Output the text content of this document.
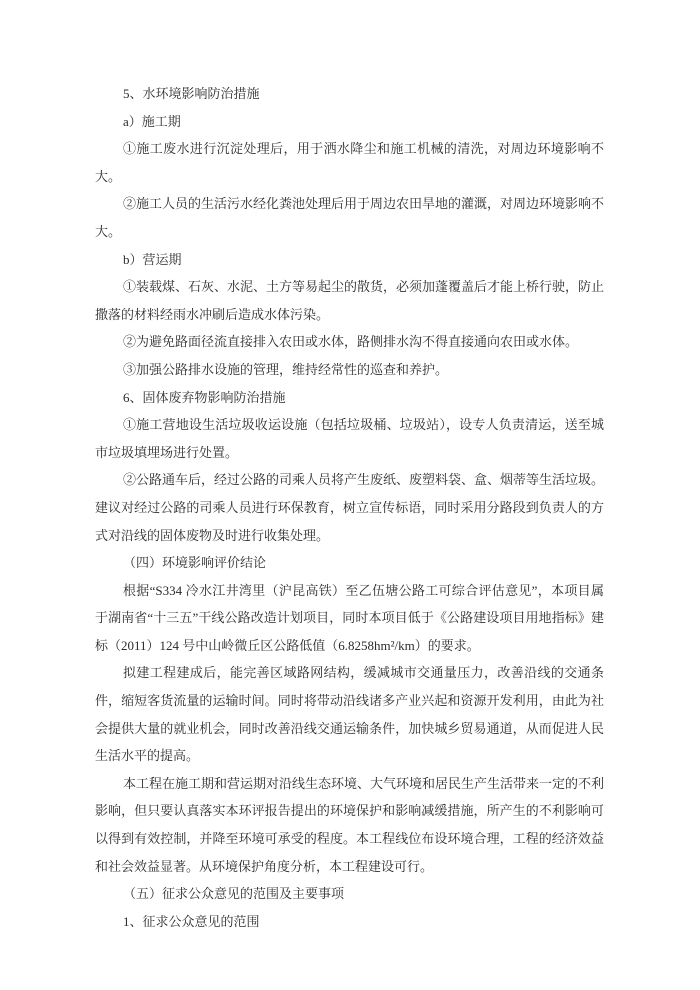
5、水环境影响防治措施

a）施工期

①施工废水进行沉淀处理后，用于洒水降尘和施工机械的清洗，对周边环境影响不大。

②施工人员的生活污水经化粪池处理后用于周边农田旱地的灌溉，对周边环境影响不大。

b）营运期

①装载煤、石灰、水泥、土方等易起尘的散货，必须加蓬覆盖后才能上桥行驶，防止撒落的材料经雨水冲刷后造成水体污染。

②为避免路面径流直接排入农田或水体，路侧排水沟不得直接通向农田或水体。

③加强公路排水设施的管理，维持经常性的巡查和养护。

6、固体废弃物影响防治措施

①施工营地设生活垃圾收运设施（包括垃圾桶、垃圾站），设专人负责清运，送至城市垃圾填埋场进行处置。

②公路通车后，经过公路的司乘人员将产生废纸、废塑料袋、盒、烟蒂等生活垃圾。建议对经过公路的司乘人员进行环保教育，树立宣传标语，同时采用分路段到负责人的方式对沿线的固体废物及时进行收集处理。

（四）环境影响评价结论

根据“S334 冷水江井湾里（沪昆高铁）至乙伍塘公路工可综合评估意见”，本项目属于湖南省“十三五”干线公路改造计划项目，同时本项目低于《公路建设项目用地指标》建标（2011）124 号中山岭微丘区公路低值（6.8258hm²/km）的要求。

拟建工程建成后，能完善区域路网结构，缓减城市交通量压力，改善沿线的交通条件，缩短客货流量的运输时间。同时将带动沿线诸多产业兴起和资源开发利用，由此为社会提供大量的就业机会，同时改善沿线交通运输条件，加快城乡贸易通道，从而促进人民生活水平的提高。

本工程在施工期和营运期对沿线生态环境、大气环境和居民生产生活带来一定的不利影响，但只要认真落实本环评报告提出的环境保护和影响减缓措施，所产生的不利影响可以得到有效控制，并降至环境可承受的程度。本工程线位布设环境合理，工程的经济效益和社会效益显著。从环境保护角度分析，本工程建设可行。

（五）征求公众意见的范围及主要事项

1、征求公众意见的范围
